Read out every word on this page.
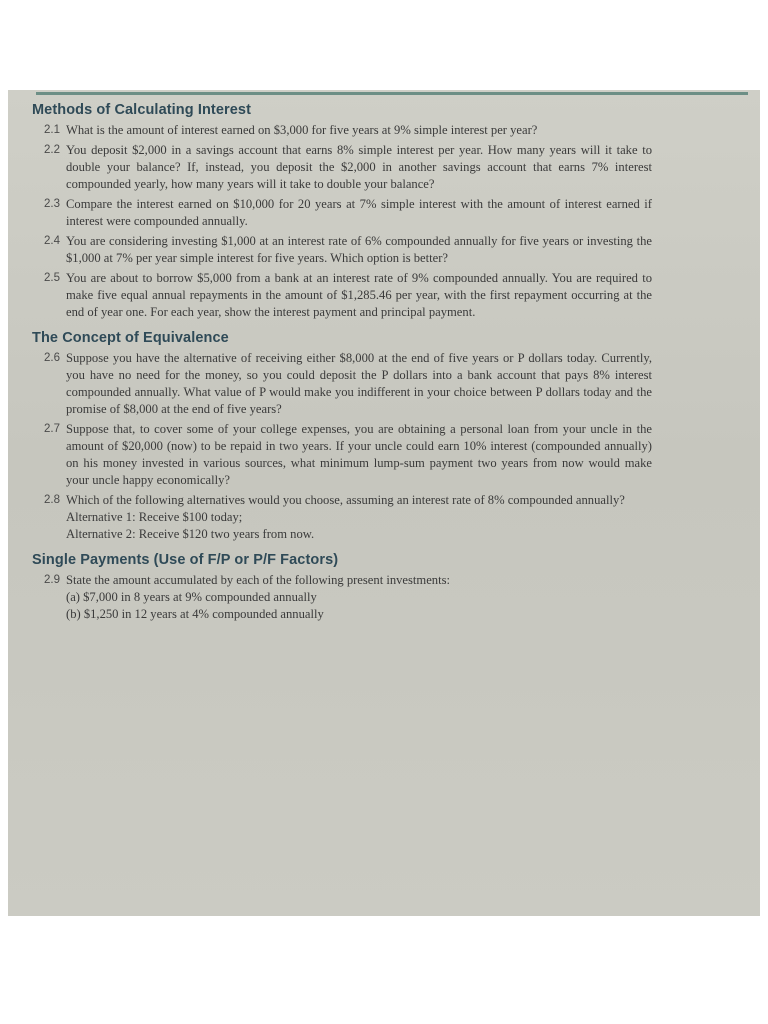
Methods of Calculating Interest
2.1 What is the amount of interest earned on $3,000 for five years at 9% simple interest per year?
2.2 You deposit $2,000 in a savings account that earns 8% simple interest per year. How many years will it take to double your balance? If, instead, you deposit the $2,000 in another savings account that earns 7% interest compounded yearly, how many years will it take to double your balance?
2.3 Compare the interest earned on $10,000 for 20 years at 7% simple interest with the amount of interest earned if interest were compounded annually.
2.4 You are considering investing $1,000 at an interest rate of 6% compounded annually for five years or investing the $1,000 at 7% per year simple interest for five years. Which option is better?
2.5 You are about to borrow $5,000 from a bank at an interest rate of 9% compounded annually. You are required to make five equal annual repayments in the amount of $1,285.46 per year, with the first repayment occurring at the end of year one. For each year, show the interest payment and principal payment.
The Concept of Equivalence
2.6 Suppose you have the alternative of receiving either $8,000 at the end of five years or P dollars today. Currently, you have no need for the money, so you could deposit the P dollars into a bank account that pays 8% interest compounded annually. What value of P would make you indifferent in your choice between P dollars today and the promise of $8,000 at the end of five years?
2.7 Suppose that, to cover some of your college expenses, you are obtaining a personal loan from your uncle in the amount of $20,000 (now) to be repaid in two years. If your uncle could earn 10% interest (compounded annually) on his money invested in various sources, what minimum lump-sum payment two years from now would make your uncle happy economically?
2.8 Which of the following alternatives would you choose, assuming an interest rate of 8% compounded annually?
Alternative 1: Receive $100 today;
Alternative 2: Receive $120 two years from now.
Single Payments (Use of F/P or P/F Factors)
2.9 State the amount accumulated by each of the following present investments:
(a) $7,000 in 8 years at 9% compounded annually
(b) $1,250 in 12 years at 4% compounded annually
